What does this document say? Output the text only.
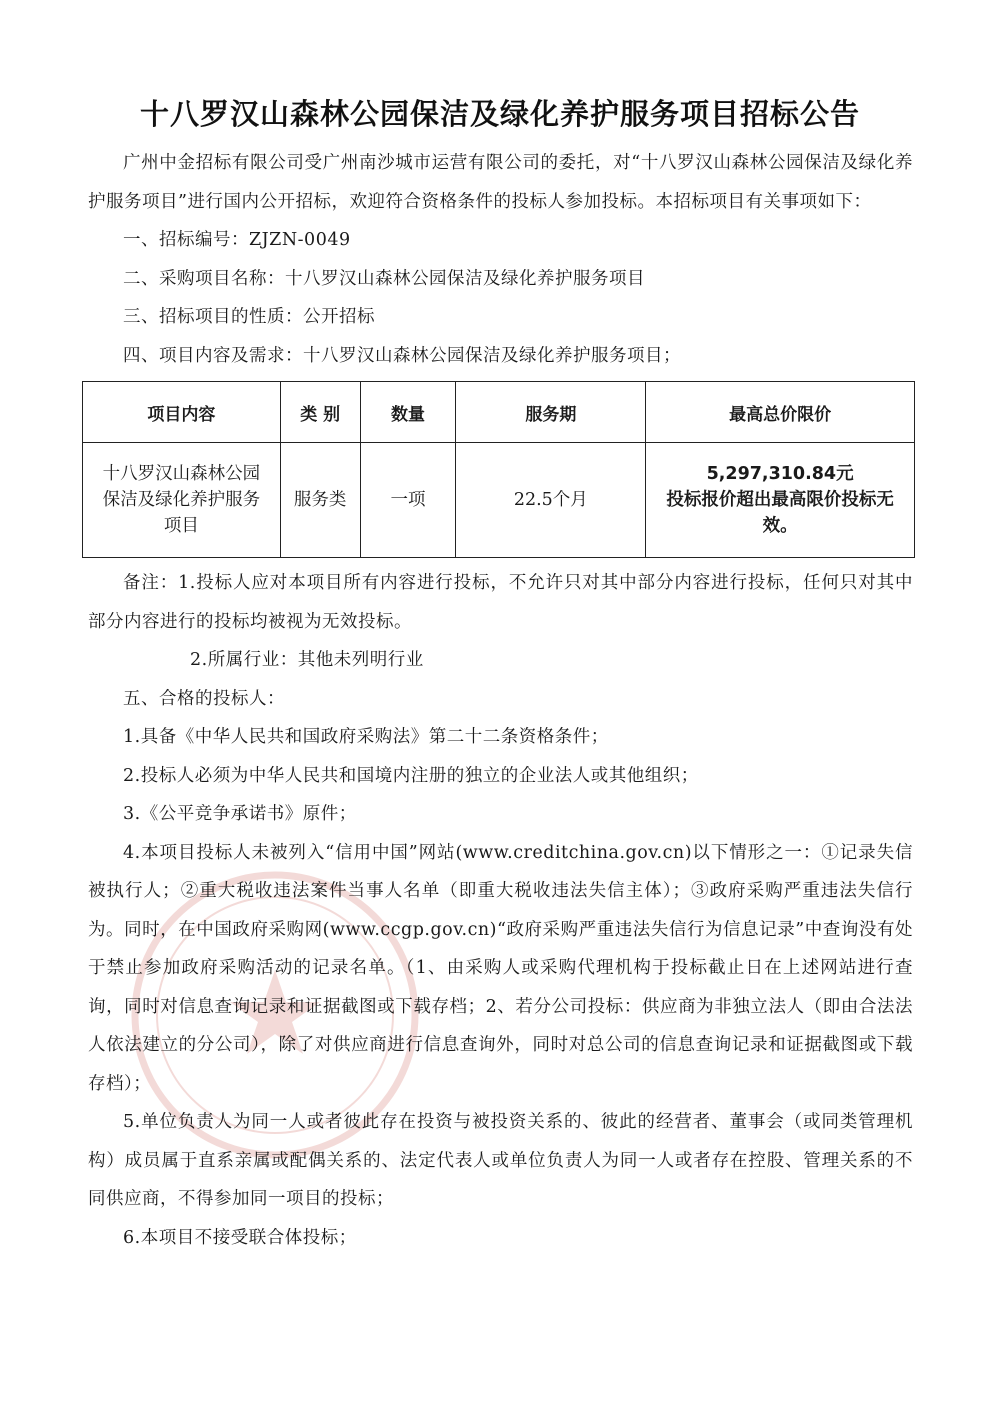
十八罗汉山森林公园保洁及绿化养护服务项目招标公告

广州中金招标有限公司受广州南沙城市运营有限公司的委托，对“十八罗汉山森林公园保洁及绿化养护服务项目”进行国内公开招标，欢迎符合资格条件的投标人参加投标。本招标项目有关事项如下：

一、招标编号：ZJZN-0049

二、采购项目名称：十八罗汉山森林公园保洁及绿化养护服务项目

三、招标项目的性质：公开招标

四、项目内容及需求：十八罗汉山森林公园保洁及绿化养护服务项目；

项目内容	类 别	数量	服务期	最高总价限价
十八罗汉山森林公园保洁及绿化养护服务项目	服务类	一项	22.5个月	5,297,310.84元
投标报价超出最高限价投标无效。

备注：1.投标人应对本项目所有内容进行投标，不允许只对其中部分内容进行投标，任何只对其中部分内容进行的投标均被视为无效投标。

2.所属行业：其他未列明行业

五、合格的投标人：

1.具备《中华人民共和国政府采购法》第二十二条资格条件；

2.投标人必须为中华人民共和国境内注册的独立的企业法人或其他组织；

3.《公平竞争承诺书》原件；

4.本项目投标人未被列入“信用中国”网站(www.creditchina.gov.cn)以下情形之一：①记录失信被执行人；②重大税收违法案件当事人名单（即重大税收违法失信主体）；③政府采购严重违法失信行为。同时，在中国政府采购网(www.ccgp.gov.cn)“政府采购严重违法失信行为信息记录”中查询没有处于禁止参加政府采购活动的记录名单。（1、由采购人或采购代理机构于投标截止日在上述网站进行查询，同时对信息查询记录和证据截图或下载存档；2、若分公司投标：供应商为非独立法人（即由合法法人依法建立的分公司），除了对供应商进行信息查询外，同时对总公司的信息查询记录和证据截图或下载存档）；

5.单位负责人为同一人或者彼此存在投资与被投资关系的、彼此的经营者、董事会（或同类管理机构）成员属于直系亲属或配偶关系的、法定代表人或单位负责人为同一人或者存在控股、管理关系的不同供应商，不得参加同一项目的投标；

6.本项目不接受联合体投标；
